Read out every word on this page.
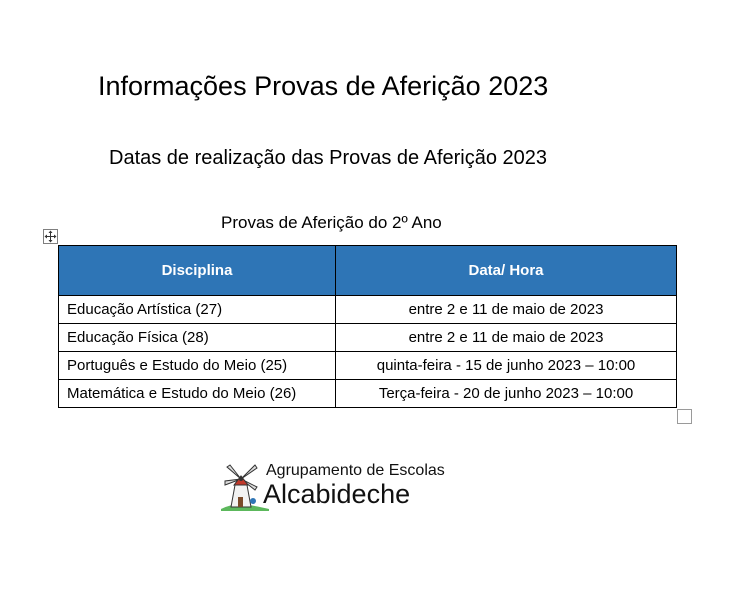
Informações Provas de Aferição 2023
Datas de realização das Provas de Aferição 2023
Provas de Aferição do 2º Ano
Disciplina	Data/ Hora
Educação Artística (27)	entre 2 e 11 de maio de 2023
Educação Física (28)	entre 2 e 11 de maio de 2023
Português e Estudo do Meio (25)	quinta-feira - 15 de junho 2023 – 10:00
Matemática e Estudo do Meio (26)	Terça-feira - 20 de junho 2023 – 10:00
Agrupamento de Escolas
Alcabideche
